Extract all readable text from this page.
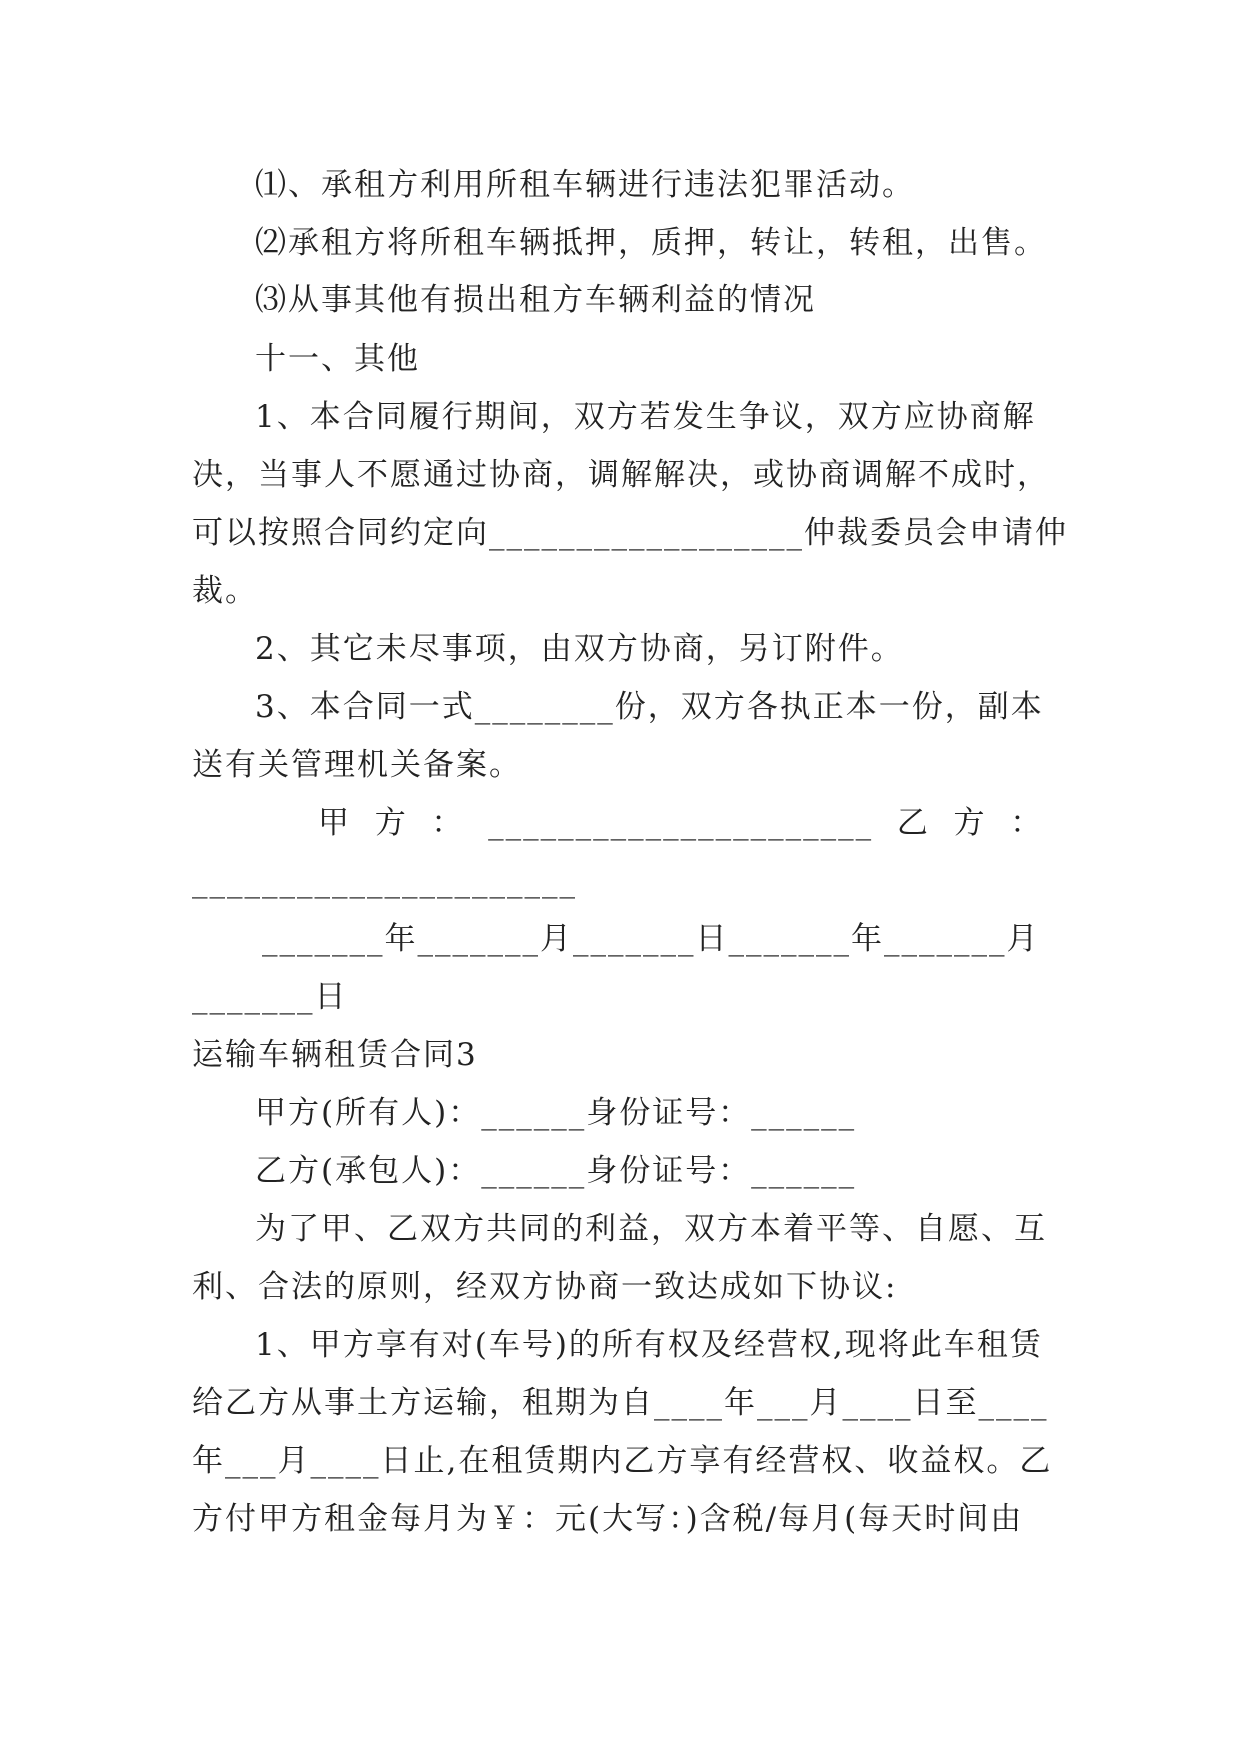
⑴、承租方利用所租车辆进行违法犯罪活动。
⑵承租方将所租车辆抵押，质押，转让，转租，出售。
⑶从事其他有损出租方车辆利益的情况
十一、其他
1、本合同履行期间，双方若发生争议，双方应协商解
决，当事人不愿通过协商，调解解决，或协商调解不成时，
可以按照合同约定向__________________仲裁委员会申请仲
裁。
2、其它未尽事项，由双方协商，另订附件。
3、本合同一式________份，双方各执正本一份，副本
送有关管理机关备案。
甲  方  ：  ______________________  乙  方  ：
______________________
_______年_______月_______日_______年_______月
_______日
运输车辆租赁合同3
甲方(所有人)：______身份证号：______
乙方(承包人)：______身份证号：______
为了甲、乙双方共同的利益，双方本着平等、自愿、互
利、合法的原则，经双方协商一致达成如下协议:
1、甲方享有对(车号)的所有权及经营权,现将此车租赁
给乙方从事土方运输，租期为自____年___月____日至____
年___月____日止,在租赁期内乙方享有经营权、收益权。乙
方付甲方租金每月为￥：元(大写：)含税/每月(每天时间由
